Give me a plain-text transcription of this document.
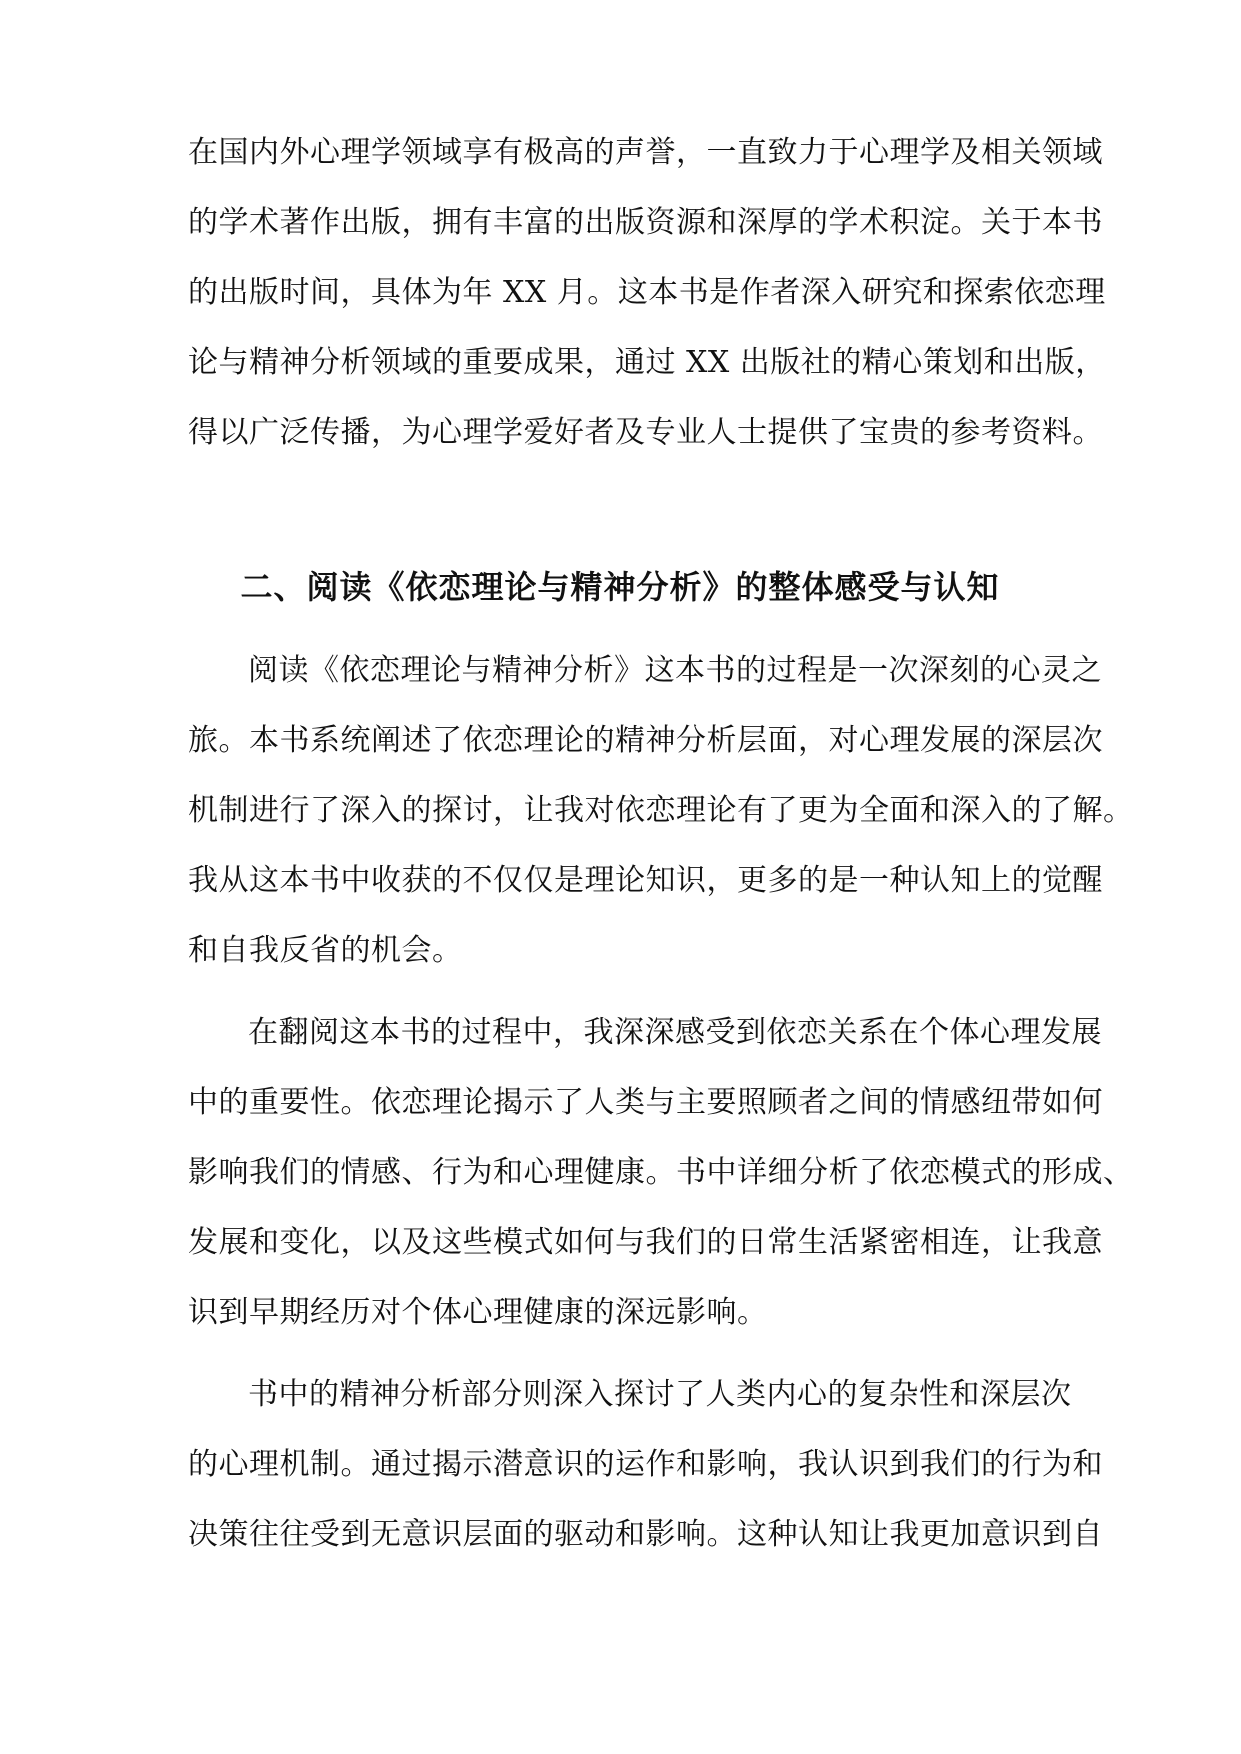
在国内外心理学领域享有极高的声誉，一直致力于心理学及相关领域
的学术著作出版，拥有丰富的出版资源和深厚的学术积淀。关于本书
的出版时间，具体为年 XX 月。这本书是作者深入研究和探索依恋理
论与精神分析领域的重要成果，通过 XX 出版社的精心策划和出版，
得以广泛传播，为心理学爱好者及专业人士提供了宝贵的参考资料。
二、阅读《依恋理论与精神分析》的整体感受与认知
阅读《依恋理论与精神分析》这本书的过程是一次深刻的心灵之
旅。本书系统阐述了依恋理论的精神分析层面，对心理发展的深层次
机制进行了深入的探讨，让我对依恋理论有了更为全面和深入的了解。
我从这本书中收获的不仅仅是理论知识，更多的是一种认知上的觉醒
和自我反省的机会。
在翻阅这本书的过程中，我深深感受到依恋关系在个体心理发展
中的重要性。依恋理论揭示了人类与主要照顾者之间的情感纽带如何
影响我们的情感、行为和心理健康。书中详细分析了依恋模式的形成、
发展和变化，以及这些模式如何与我们的日常生活紧密相连，让我意
识到早期经历对个体心理健康的深远影响。
书中的精神分析部分则深入探讨了人类内心的复杂性和深层次
的心理机制。通过揭示潜意识的运作和影响，我认识到我们的行为和
决策往往受到无意识层面的驱动和影响。这种认知让我更加意识到自
